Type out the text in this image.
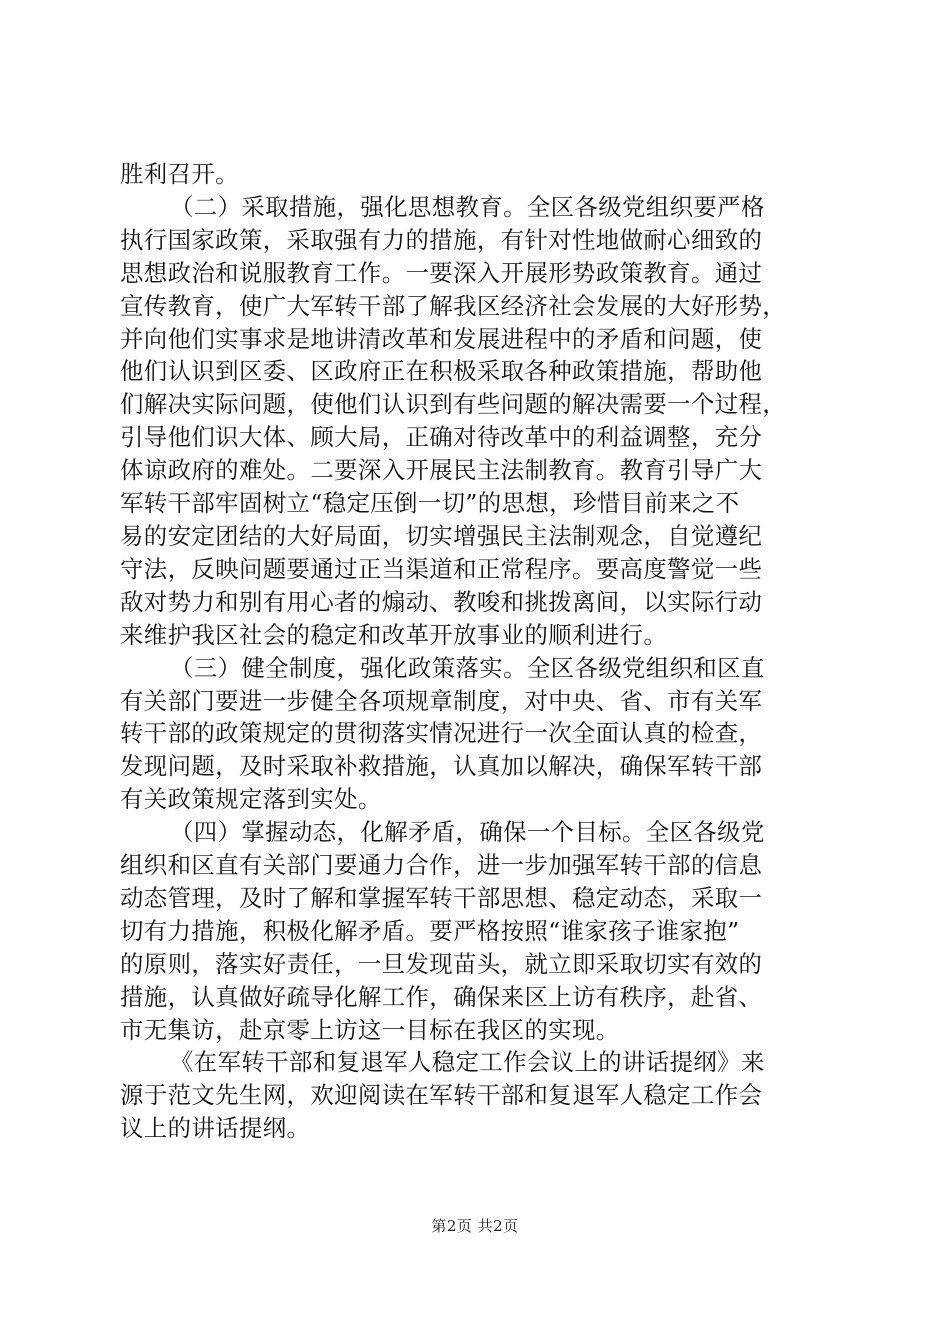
胜利召开。
（二）采取措施，强化思想教育。全区各级党组织要严格
执行国家政策，采取强有力的措施，有针对性地做耐心细致的
思想政治和说服教育工作。一要深入开展形势政策教育。通过
宣传教育，使广大军转干部了解我区经济社会发展的大好形势，
并向他们实事求是地讲清改革和发展进程中的矛盾和问题，使
他们认识到区委、区政府正在积极采取各种政策措施，帮助他
们解决实际问题，使他们认识到有些问题的解决需要一个过程，
引导他们识大体、顾大局，正确对待改革中的利益调整，充分
体谅政府的难处。二要深入开展民主法制教育。教育引导广大
军转干部牢固树立“稳定压倒一切”的思想，珍惜目前来之不
易的安定团结的大好局面，切实增强民主法制观念，自觉遵纪
守法，反映问题要通过正当渠道和正常程序。要高度警觉一些
敌对势力和别有用心者的煽动、教唆和挑拨离间，以实际行动
来维护我区社会的稳定和改革开放事业的顺利进行。
（三）健全制度，强化政策落实。全区各级党组织和区直
有关部门要进一步健全各项规章制度，对中央、省、市有关军
转干部的政策规定的贯彻落实情况进行一次全面认真的检查，
发现问题，及时采取补救措施，认真加以解决，确保军转干部
有关政策规定落到实处。
（四）掌握动态，化解矛盾，确保一个目标。全区各级党
组织和区直有关部门要通力合作，进一步加强军转干部的信息
动态管理，及时了解和掌握军转干部思想、稳定动态，采取一
切有力措施，积极化解矛盾。要严格按照“谁家孩子谁家抱”
的原则，落实好责任，一旦发现苗头，就立即采取切实有效的
措施，认真做好疏导化解工作，确保来区上访有秩序，赴省、
市无集访，赴京零上访这一目标在我区的实现。
《在军转干部和复退军人稳定工作会议上的讲话提纲》来
源于范文先生网，欢迎阅读在军转干部和复退军人稳定工作会
议上的讲话提纲。
第2页 共2页
